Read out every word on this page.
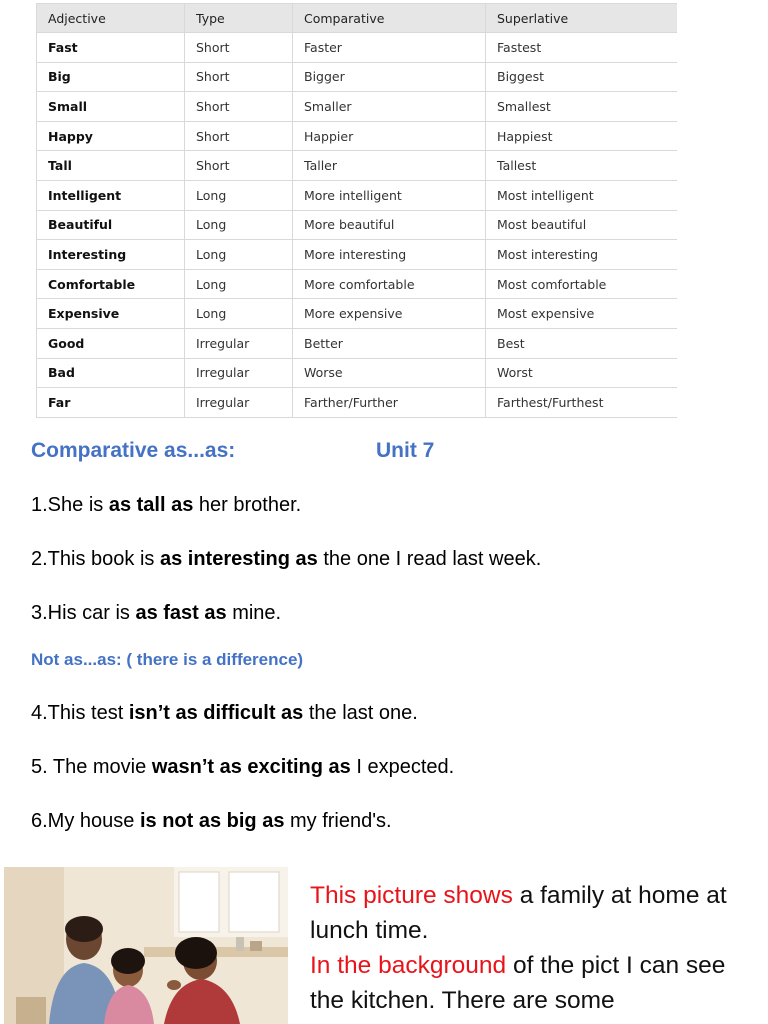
Adjective	Type	Comparative	Superlative
Fast	Short	Faster	Fastest
Big	Short	Bigger	Biggest
Small	Short	Smaller	Smallest
Happy	Short	Happier	Happiest
Tall	Short	Taller	Tallest
Intelligent	Long	More intelligent	Most intelligent
Beautiful	Long	More beautiful	Most beautiful
Interesting	Long	More interesting	Most interesting
Comfortable	Long	More comfortable	Most comfortable
Expensive	Long	More expensive	Most expensive
Good	Irregular	Better	Best
Bad	Irregular	Worse	Worst
Far	Irregular	Farther/Further	Farthest/Furthest
Comparative as...as:	Unit 7
1.She is as tall as her brother.
2.This book is as interesting as the one I read last week.
3.His car is as fast as mine.
Not as...as: ( there is a difference)
4.This test isn’t as difficult as the last one.
5. The movie wasn’t as exciting as I expected.
6.My house is not as big as my friend's.
This picture shows a family at home at lunch time.
In the background of the pict I can see the kitchen. There are some
